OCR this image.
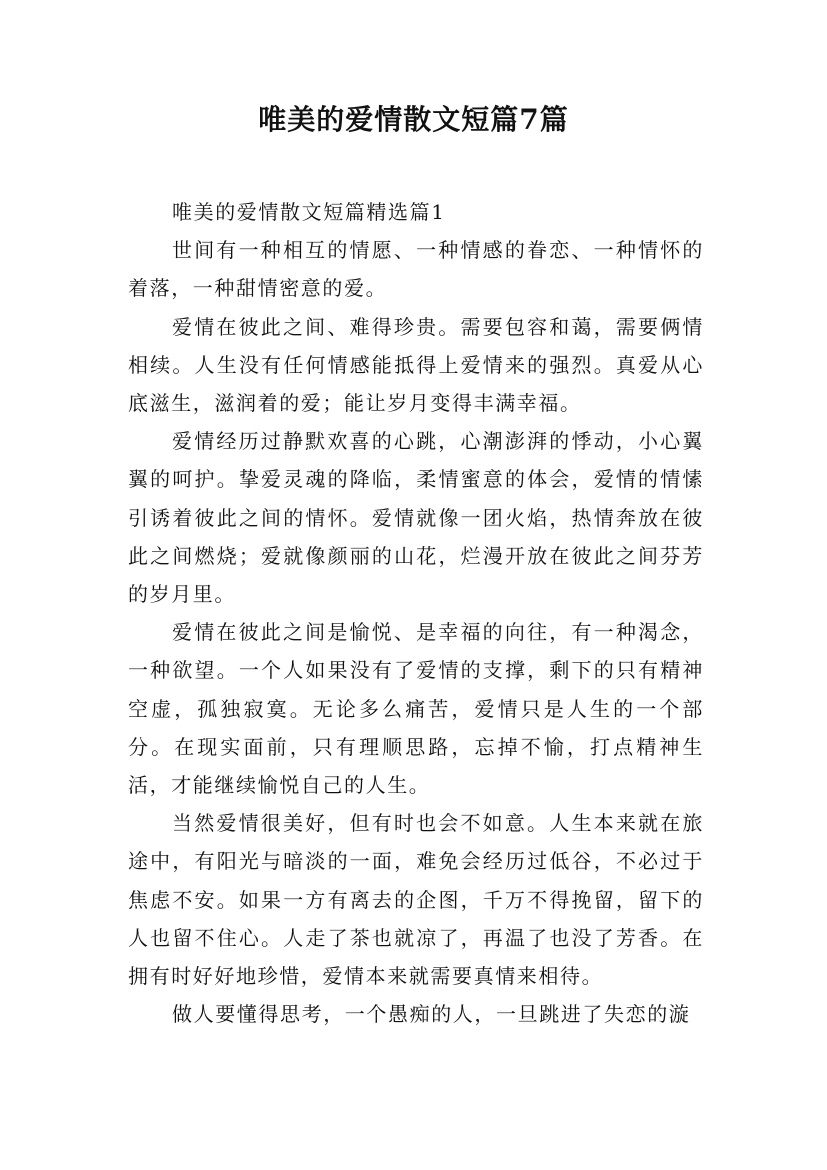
唯美的爱情散文短篇7篇

唯美的爱情散文短篇精选篇1

世间有一种相互的情愿、一种情感的眷恋、一种情怀的着落，一种甜情密意的爱。

爱情在彼此之间、难得珍贵。需要包容和蔼，需要俩情相续。人生没有任何情感能抵得上爱情来的强烈。真爱从心底滋生，滋润着的爱；能让岁月变得丰满幸福。

爱情经历过静默欢喜的心跳，心潮澎湃的悸动，小心翼翼的呵护。挚爱灵魂的降临，柔情蜜意的体会，爱情的情愫引诱着彼此之间的情怀。爱情就像一团火焰，热情奔放在彼此之间燃烧；爱就像颜丽的山花，烂漫开放在彼此之间芬芳的岁月里。

爱情在彼此之间是愉悦、是幸福的向往，有一种渴念，一种欲望。一个人如果没有了爱情的支撑，剩下的只有精神空虚，孤独寂寞。无论多么痛苦，爱情只是人生的一个部分。在现实面前，只有理顺思路，忘掉不愉，打点精神生活，才能继续愉悦自己的人生。

当然爱情很美好，但有时也会不如意。人生本来就在旅途中，有阳光与暗淡的一面，难免会经历过低谷，不必过于焦虑不安。如果一方有离去的企图，千万不得挽留，留下的人也留不住心。人走了茶也就凉了，再温了也没了芳香。在拥有时好好地珍惜，爱情本来就需要真情来相待。

做人要懂得思考，一个愚痴的人，一旦跳进了失恋的漩
